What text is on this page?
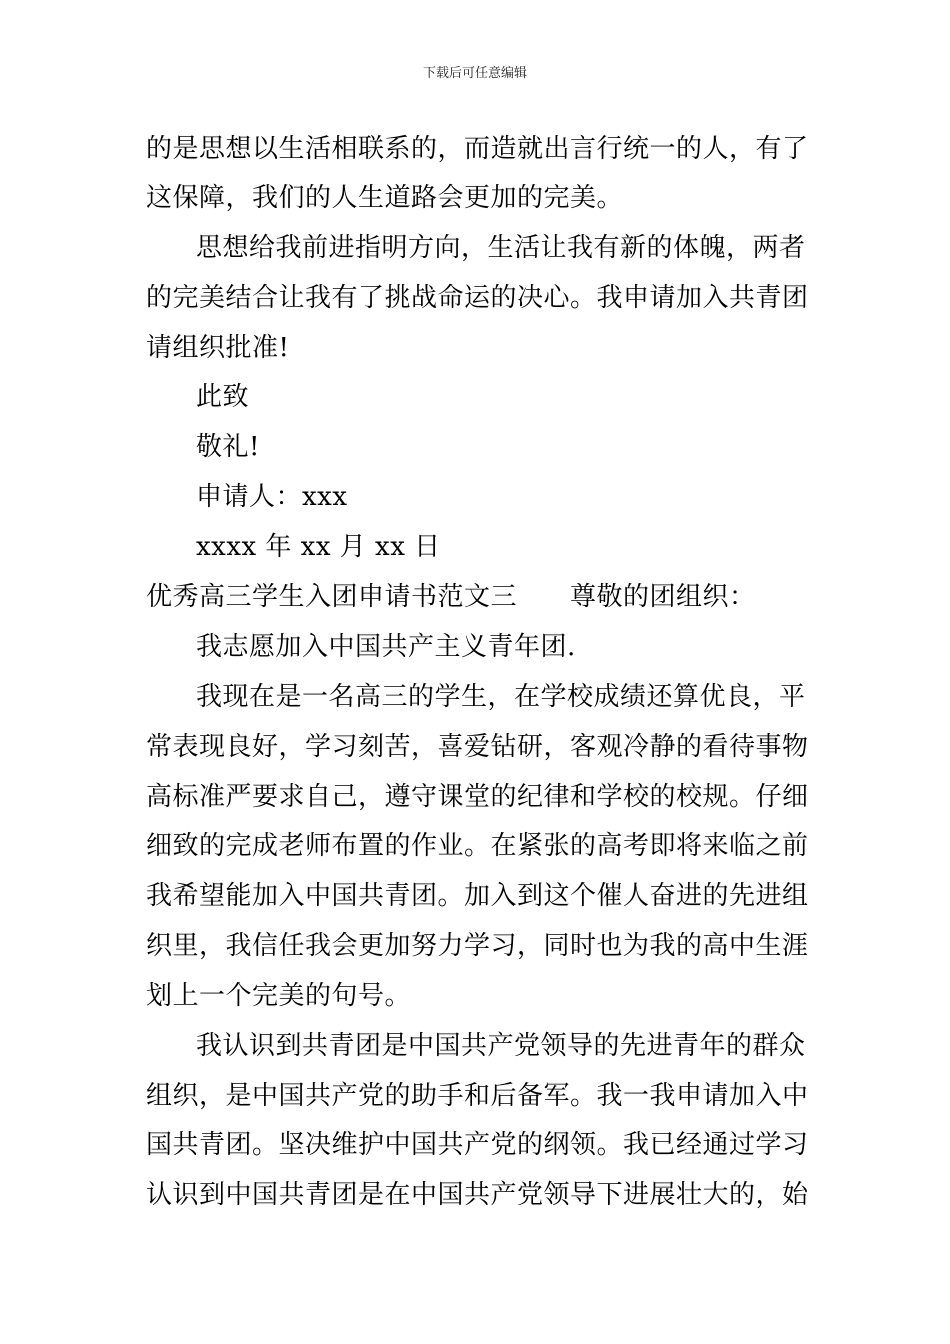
下载后可任意编辑
的是思想以生活相联系的，而造就出言行统一的人，有了
这保障，我们的人生道路会更加的完美。
思想给我前进指明方向，生活让我有新的体魄，两者
的完美结合让我有了挑战命运的决心。我申请加入共青团
请组织批准!
此致
敬礼!
申请人：xxx
xxxx 年 xx 月 xx 日
优秀高三学生入团申请书范文三　　尊敬的团组织：
我志愿加入中国共产主义青年团.
我现在是一名高三的学生，在学校成绩还算优良，平
常表现良好，学习刻苦，喜爱钻研，客观冷静的看待事物
高标准严要求自己，遵守课堂的纪律和学校的校规。仔细
细致的完成老师布置的作业。在紧张的高考即将来临之前
我希望能加入中国共青团。加入到这个催人奋进的先进组
织里，我信任我会更加努力学习，同时也为我的高中生涯
划上一个完美的句号。
我认识到共青团是中国共产党领导的先进青年的群众
组织，是中国共产党的助手和后备军。我一我申请加入中
国共青团。坚决维护中国共产党的纲领。我已经通过学习
认识到中国共青团是在中国共产党领导下进展壮大的，始
